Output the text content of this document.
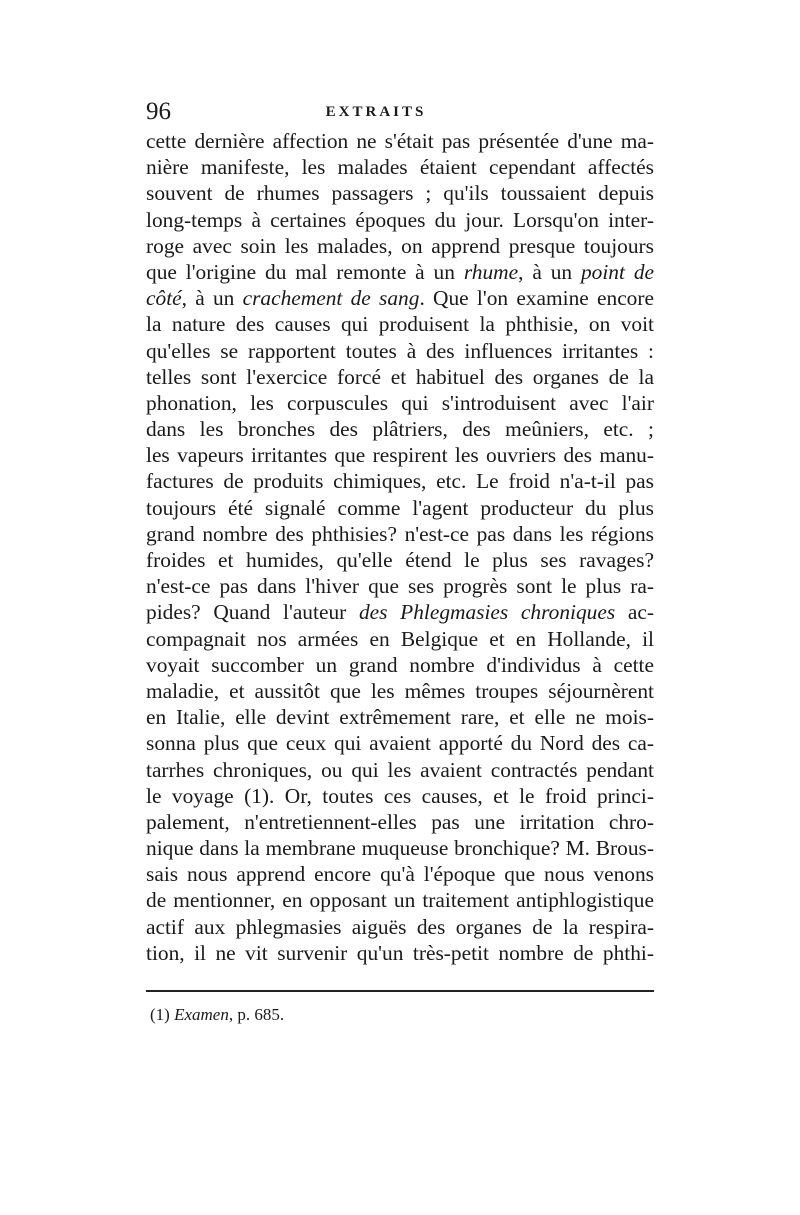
96	EXTRAITS
cette dernière affection ne s'était pas présentée d'une ma-
nière manifeste, les malades étaient cependant affectés
souvent de rhumes passagers ; qu'ils toussaient depuis
long-temps à certaines époques du jour. Lorsqu'on inter-
roge avec soin les malades, on apprend presque toujours
que l'origine du mal remonte à un rhume, à un point de
côté, à un crachement de sang. Que l'on examine encore
la nature des causes qui produisent la phthisie, on voit
qu'elles se rapportent toutes à des influences irritantes :
telles sont l'exercice forcé et habituel des organes de la
phonation, les corpuscules qui s'introduisent avec l'air
dans les bronches des plâtriers, des meûniers, etc. ;
les vapeurs irritantes que respirent les ouvriers des manu-
factures de produits chimiques, etc. Le froid n'a-t-il pas
toujours été signalé comme l'agent producteur du plus
grand nombre des phthisies? n'est-ce pas dans les régions
froides et humides, qu'elle étend le plus ses ravages?
n'est-ce pas dans l'hiver que ses progrès sont le plus ra-
pides? Quand l'auteur des Phlegmasies chroniques ac-
compagnait nos armées en Belgique et en Hollande, il
voyait succomber un grand nombre d'individus à cette
maladie, et aussitôt que les mêmes troupes séjournèrent
en Italie, elle devint extrêmement rare, et elle ne mois-
sonna plus que ceux qui avaient apporté du Nord des ca-
tarrhes chroniques, ou qui les avaient contractés pendant
le voyage (1). Or, toutes ces causes, et le froid princi-
palement, n'entretiennent-elles pas une irritation chro-
nique dans la membrane muqueuse bronchique? M. Brous-
sais nous apprend encore qu'à l'époque que nous venons
de mentionner, en opposant un traitement antiphlogistique
actif aux phlegmasies aiguës des organes de la respira-
tion, il ne vit survenir qu'un très-petit nombre de phthi-
(1) Examen, p. 685.
